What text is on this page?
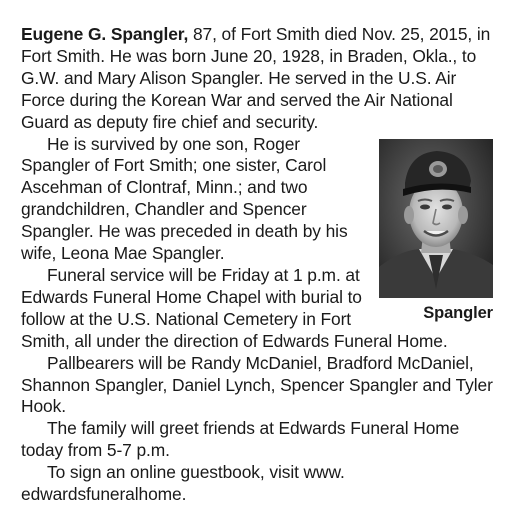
Eugene G. Spangler, 87, of Fort Smith died Nov. 25, 2015, in Fort Smith. He was born June 20, 1928, in Braden, Okla., to G.W. and Mary Alison Spangler. He served in the U.S. Air Force during the Korean War and served the Air National Guard as deputy fire chief and security.

Spangler

He is survived by one son, Roger Spangler of Fort Smith; one sister, Carol Ascehman of Clontraf, Minn.; and two grandchildren, Chandler and Spencer Spangler. He was preceded in death by his wife, Leona Mae Spangler.

Funeral service will be Friday at 1 p.m. at Edwards Funeral Home Chapel with burial to follow at the U.S. National Cemetery in Fort Smith, all under the direction of Edwards Funeral Home.

Pallbearers will be Randy McDaniel, Bradford McDaniel, Shannon Spangler, Daniel Lynch, Spencer Spangler and Tyler Hook.

The family will greet friends at Edwards Funeral Home today from 5-7 p.m.

To sign an online guestbook, visit www. edwardsfuneralhome.
